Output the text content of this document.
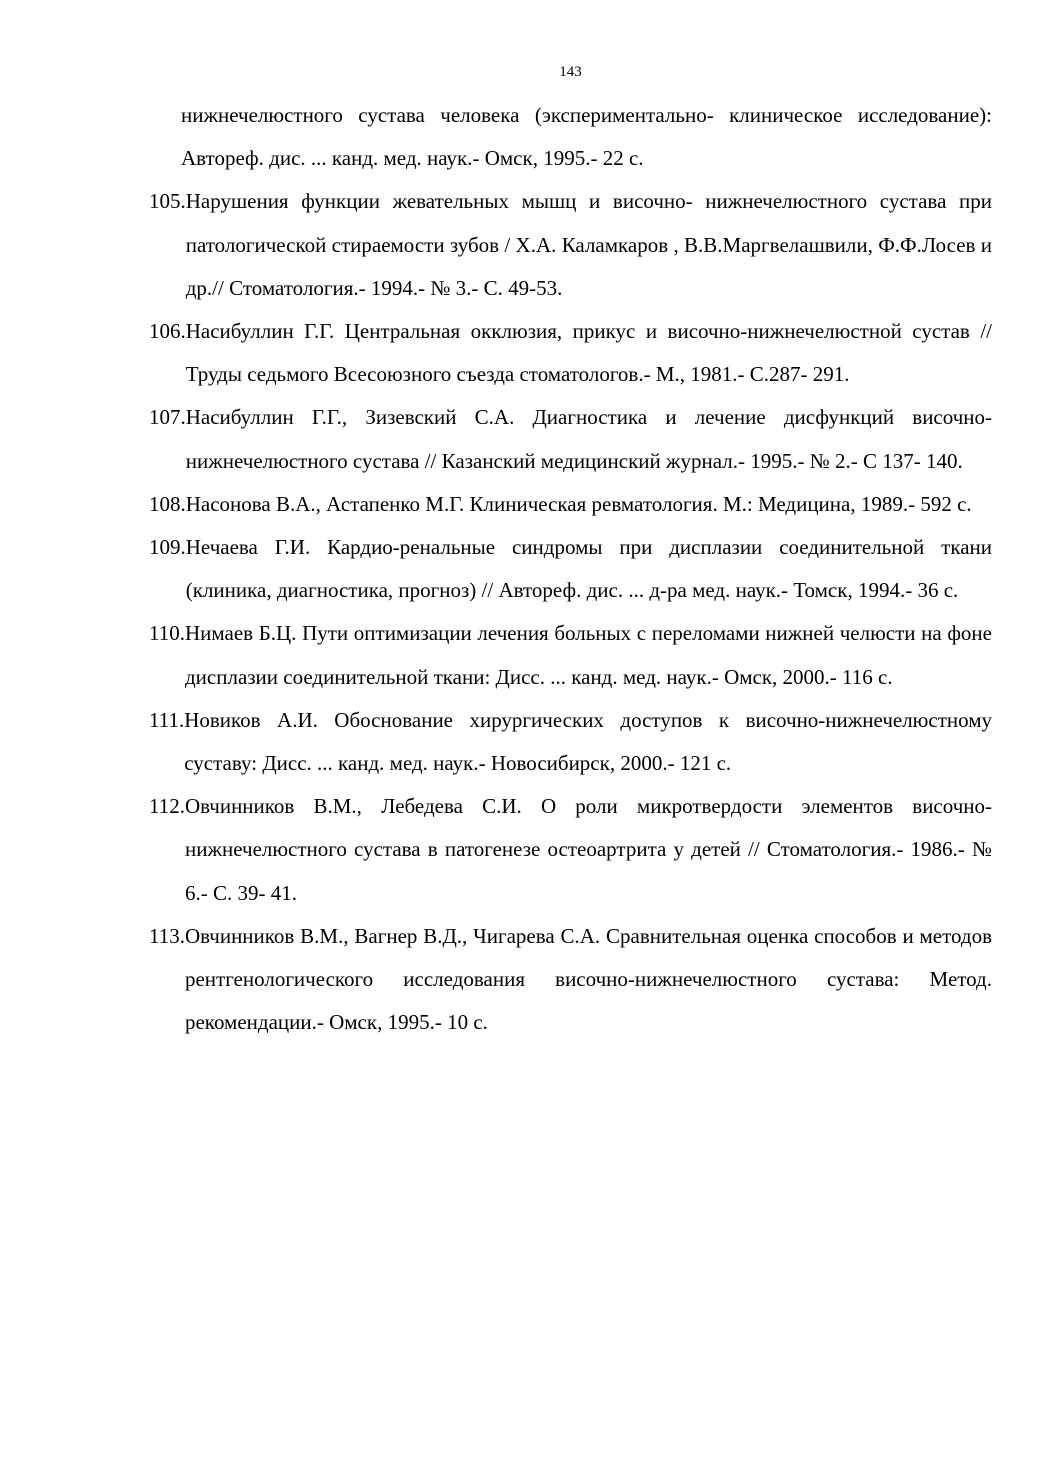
143
нижнечелюстного сустава человека (экспериментально- клиническое исследование): Автореф. дис. ... канд. мед. наук.- Омск, 1995.- 22 с.
105. Нарушения функции жевательных мышц и височно- нижнечелюстного сустава при патологической стираемости зубов / Х.А. Каламкаров , В.В.Маргвелашвили, Ф.Ф.Лосев и др.// Стоматология.- 1994.- № 3.- С. 49-53.
106. Насибуллин Г.Г. Центральная окклюзия, прикус и височно-нижнечелюстной сустав // Труды седьмого Всесоюзного съезда стоматологов.- М., 1981.- С.287- 291.
107. Насибуллин Г.Г., Зизевский С.А. Диагностика и лечение дисфункций височно- нижнечелюстного сустава // Казанский медицинский журнал.- 1995.- № 2.- С 137- 140.
108. Насонова В.А., Астапенко М.Г. Клиническая ревматология. М.: Медицина, 1989.- 592 с.
109. Нечаева Г.И. Кардио-ренальные синдромы при дисплазии соединительной ткани (клиника, диагностика, прогноз) // Автореф. дис. ... д-ра мед. наук.- Томск, 1994.- 36 с.
110. Нимаев Б.Ц. Пути оптимизации лечения больных с переломами нижней челюсти на фоне дисплазии соединительной ткани: Дисс. ... канд. мед. наук.- Омск, 2000.- 116 с.
111. Новиков А.И. Обоснование хирургических доступов к височно-нижнечелюстному суставу: Дисс. ... канд. мед. наук.- Новосибирск, 2000.- 121 с.
112. Овчинников В.М., Лебедева С.И. О роли микротвердости элементов височно- нижнечелюстного сустава в патогенезе остеоартрита у детей // Стоматология.- 1986.- № 6.- С. 39- 41.
113. Овчинников В.М., Вагнер В.Д., Чигарева С.А. Сравнительная оценка способов и методов рентгенологического исследования височно-нижнечелюстного сустава: Метод. рекомендации.- Омск, 1995.- 10 с.
